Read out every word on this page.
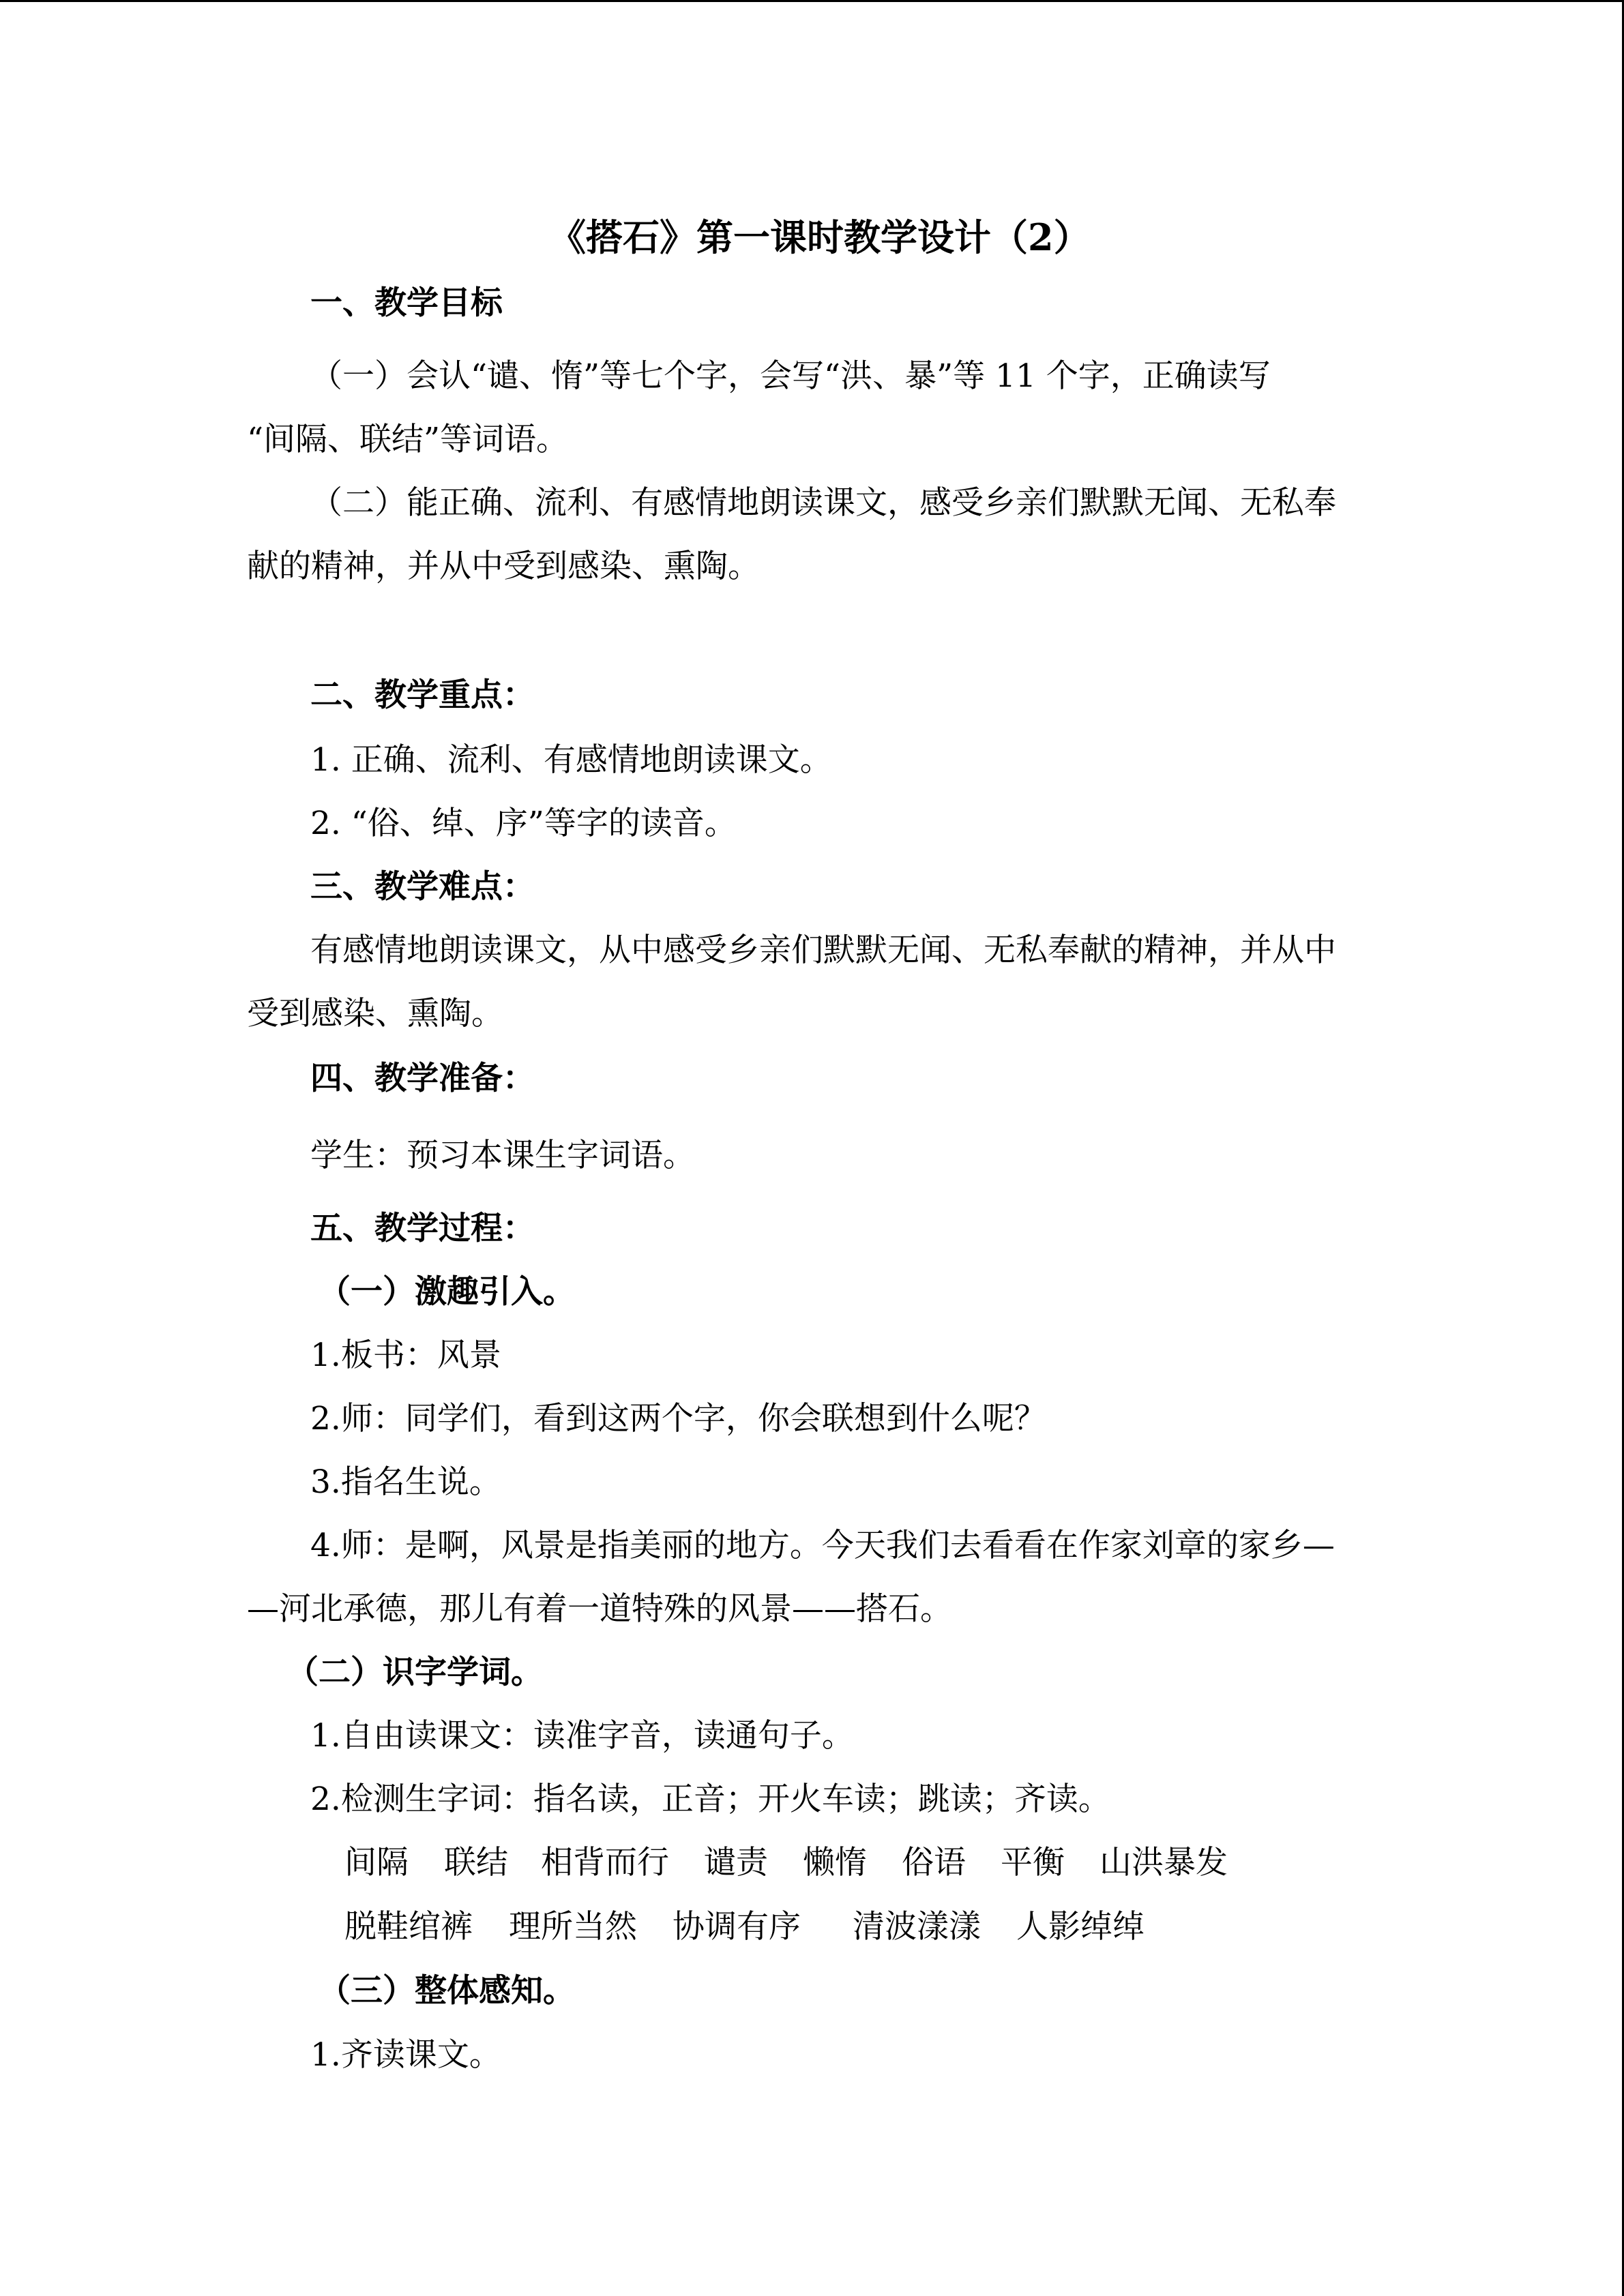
《搭石》第一课时教学设计（2）
一、教学目标
（一）会认“谴、惰”等七个字，会写“洪、暴”等 11 个字，正确读写
“间隔、联结”等词语。
（二）能正确、流利、有感情地朗读课文，感受乡亲们默默无闻、无私奉
献的精神，并从中受到感染、熏陶。
二、教学重点：
1. 正确、流利、有感情地朗读课文。
2. “俗、绰、序”等字的读音。
三、教学难点：
有感情地朗读课文，从中感受乡亲们默默无闻、无私奉献的精神，并从中
受到感染、熏陶。
四、教学准备：
学生：预习本课生字词语。
五、教学过程：
（一）激趣引入。
1.板书：风景
2.师：同学们，看到这两个字，你会联想到什么呢？
3.指名生说。
4.师：是啊，风景是指美丽的地方。今天我们去看看在作家刘章的家乡—
—河北承德，那儿有着一道特殊的风景——搭石。
（二）识字学词。
1.自由读课文：读准字音，读通句子。
2.检测生字词：指名读，正音；开火车读；跳读；齐读。
间隔 联结 相背而行 谴责 懒惰 俗语 平衡 山洪暴发
脱鞋绾裤 理所当然 协调有序 清波漾漾 人影绰绰
（三）整体感知。
1.齐读课文。
